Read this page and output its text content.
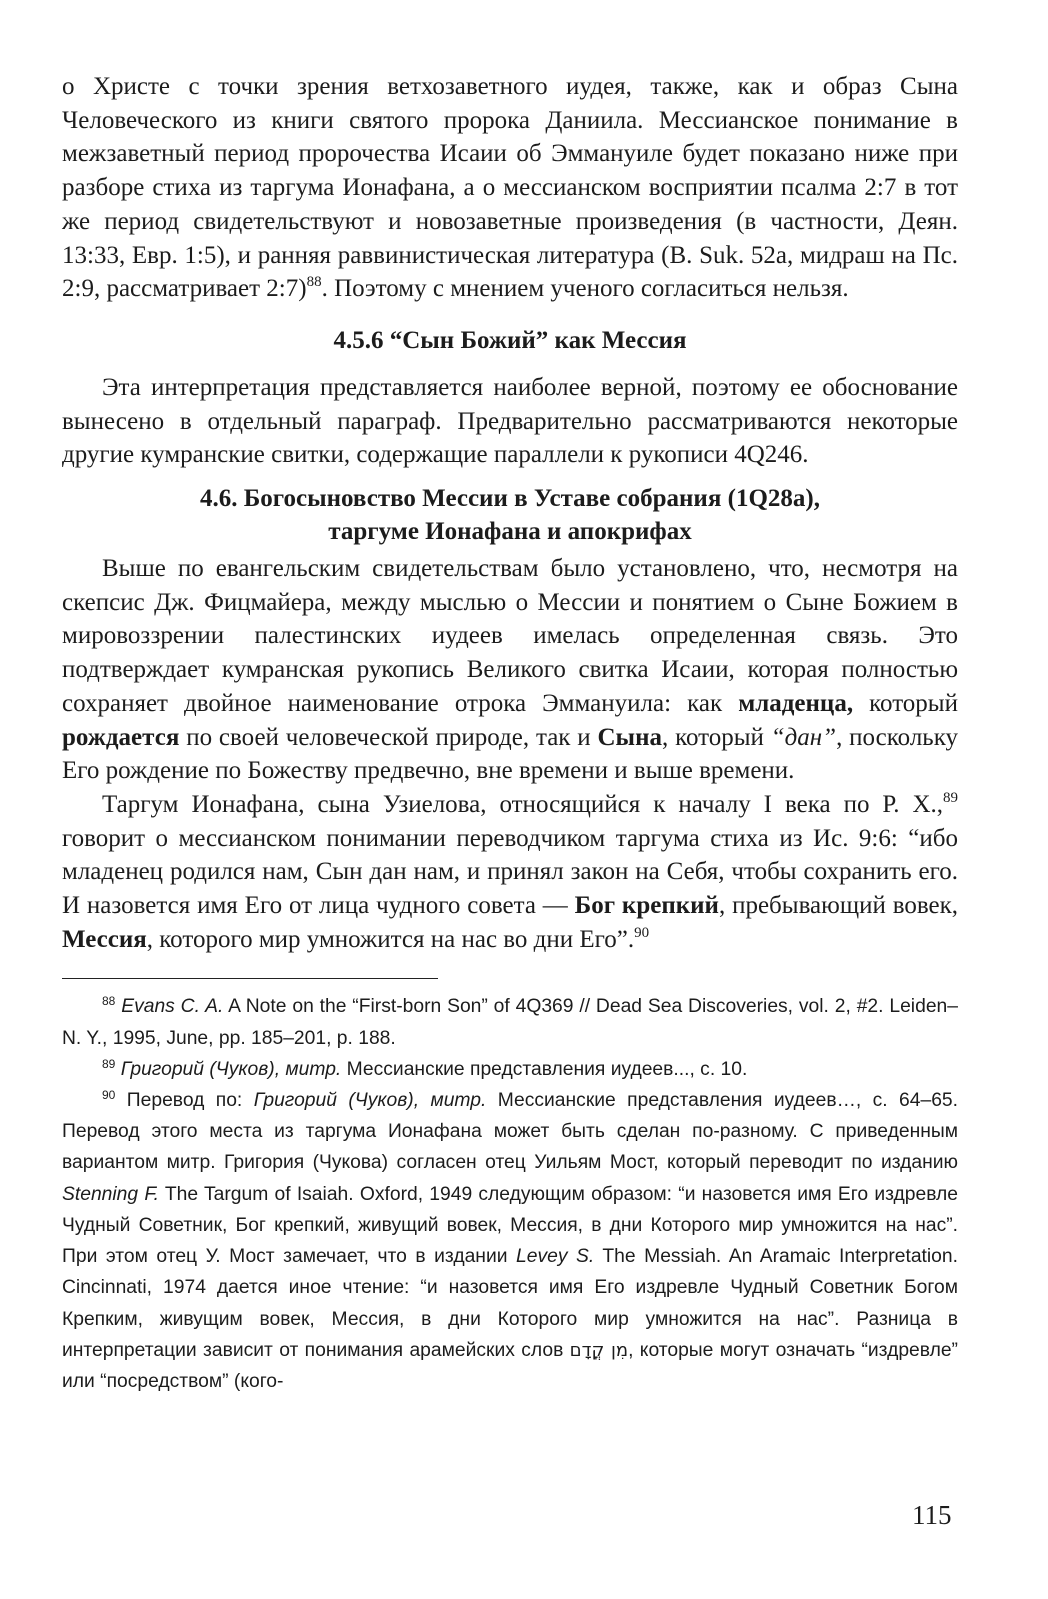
о Христе с точки зрения ветхозаветного иудея, также, как и образ Сына Человеческого из книги святого пророка Даниила. Мессианское понимание в межзаветный период пророчества Исаии об Эммануиле будет показано ниже при разборе стиха из таргума Ионафана, а о мессианском восприятии псалма 2:7 в тот же период свидетельствуют и новозаветные произведения (в частности, Деян. 13:33, Евр. 1:5), и ранняя раввинистическая литература (В. Suk. 52a, мидраш на Пс. 2:9, рассматривает 2:7)$^{88}$. Поэтому с мнением ученого согласиться нельзя.

4.5.6 “Сын Божий” как Мессия

Эта интерпретация представляется наиболее верной, поэтому ее обоснование вынесено в отдельный параграф. Предварительно рассматриваются некоторые другие кумранские свитки, содержащие параллели к рукописи 4Q246.

4.6. Богосыновство Мессии в Уставе собрания (1Q28a),
таргуме Ионафана и апокрифах

Выше по евангельским свидетельствам было установлено, что, несмотря на скепсис Дж. Фицмайера, между мыслью о Мессии и понятием о Сыне Божием в мировоззрении палестинских иудеев имелась определенная связь. Это подтверждает кумранская рукопись Великого свитка Исаии, которая полностью сохраняет двойное наименование отрока Эммануила: как младенца, который рождается по своей человеческой природе, так и Сына, который “дан”, поскольку Его рождение по Божеству предвечно, вне времени и выше времени.

Таргум Ионафана, сына Узиелова, относящийся к началу I века по Р. Х.,$^{89}$ говорит о мессианском понимании переводчиком таргума стиха из Ис. 9:6: “ибо младенец родился нам, Сын дан нам, и принял закон на Себя, чтобы сохранить его. И назовется имя Его от лица чудного совета — Бог крепкий, пребывающий вовек, Мессия, которого мир умножится на нас во дни Его”.$^{90}$

$^{88}$ Evans C. A. A Note on the “First-born Son” of 4Q369 // Dead Sea Discoveries, vol. 2, #2. Leiden–N. Y., 1995, June, pp. 185–201, p. 188.

$^{89}$ Григорий (Чуков), митр. Мессианские представления иудеев..., с. 10.

$^{90}$ Перевод по: Григорий (Чуков), митр. Мессианские представления иудеев…, с. 64–65. Перевод этого места из таргума Ионафана может быть сделан по-разному. С приведенным вариантом митр. Григория (Чукова) согласен отец Уильям Мост, который переводит по изданию Stenning F. The Targum of Isaiah. Oxford, 1949 следующим образом: “и назовется имя Его издревле Чудный Советник, Бог крепкий, живущий вовек, Мессия, в дни Которого мир умножится на нас”. При этом отец У. Мост замечает, что в издании Levey S. The Messiah. An Aramaic Interpretation. Cincinnati, 1974 дается иное чтение: “и назовется имя Его издревле Чудный Советник Богом Крепким, живущим вовек, Мессия, в дни Которого мир умножится на нас”. Разница в интерпретации зависит от понимания арамейских слов מִן קֳדָם, которые могут означать “издревле” или “посредством” (кого-

115
